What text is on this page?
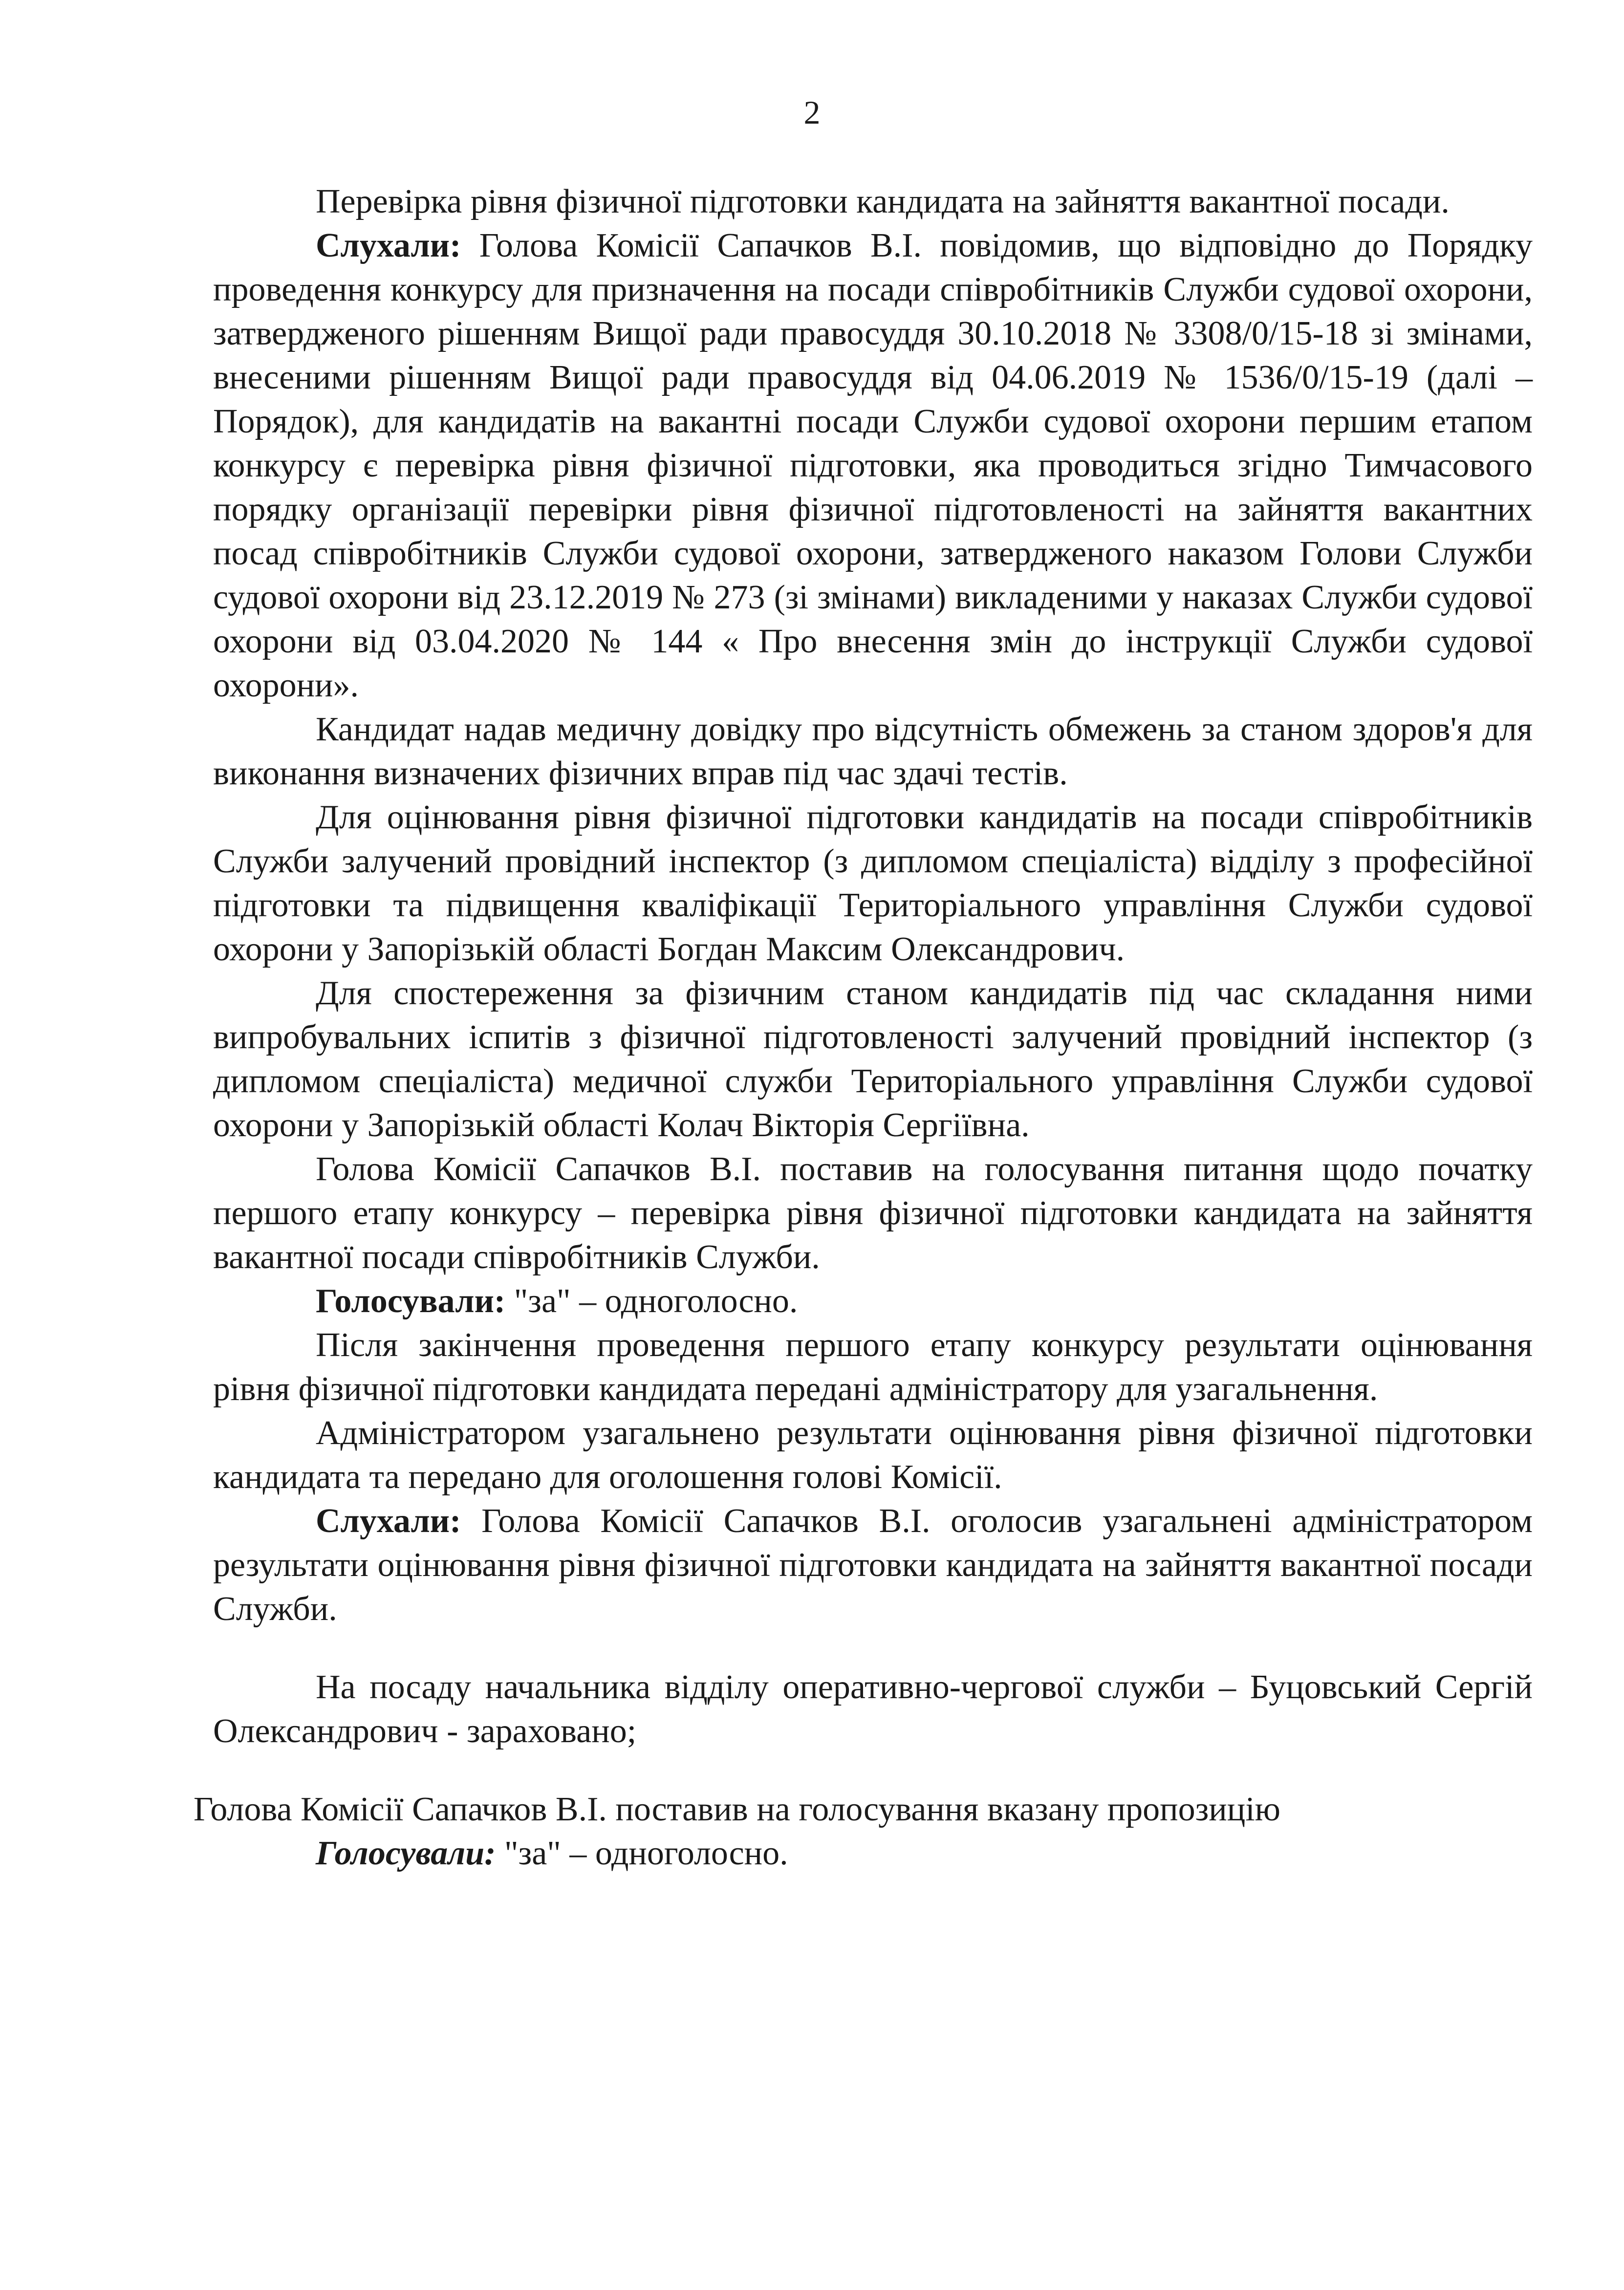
2

Перевірка рівня фізичної підготовки кандидата на зайняття вакантної посади.

Слухали: Голова Комісії Сапачков В.І. повідомив, що відповідно до Порядку проведення конкурсу для призначення на посади співробітників Служби судової охорони, затвердженого рішенням Вищої ради правосуддя 30.10.2018 № 3308/0/15-18 зі змінами, внесеними рішенням Вищої ради правосуддя від 04.06.2019 № 1536/0/15-19 (далі – Порядок), для кандидатів на вакантні посади Служби судової охорони першим етапом конкурсу є перевірка рівня фізичної підготовки, яка проводиться згідно Тимчасового порядку організації перевірки рівня фізичної підготовленості на зайняття вакантних посад співробітників Служби судової охорони, затвердженого наказом Голови Служби судової охорони від 23.12.2019 № 273 (зі змінами) викладеними у наказах Служби судової охорони від 03.04.2020 № 144 « Про внесення змін до інструкції Служби судової охорони».

Кандидат надав медичну довідку про відсутність обмежень за станом здоров'я для виконання визначених фізичних вправ під час здачі тестів.

Для оцінювання рівня фізичної підготовки кандидатів на посади співробітників Служби залучений провідний інспектор (з дипломом спеціаліста) відділу з професійної підготовки та підвищення кваліфікації Територіального управління Служби судової охорони у Запорізькій області Богдан Максим Олександрович.

Для спостереження за фізичним станом кандидатів під час складання ними випробувальних іспитів з фізичної підготовленості залучений провідний інспектор (з дипломом спеціаліста) медичної служби Територіального управління Служби судової охорони у Запорізькій області Колач Вікторія Сергіївна.

Голова Комісії Сапачков В.І. поставив на голосування питання щодо початку першого етапу конкурсу – перевірка рівня фізичної підготовки кандидата на зайняття вакантної посади співробітників Служби.

Голосували: "за" – одноголосно.

Після закінчення проведення першого етапу конкурсу результати оцінювання рівня фізичної підготовки кандидата передані адміністратору для узагальнення.

Адміністратором узагальнено результати оцінювання рівня фізичної підготовки кандидата та передано для оголошення голові Комісії.

Слухали: Голова Комісії Сапачков В.І. оголосив узагальнені адміністратором результати оцінювання рівня фізичної підготовки кандидата на зайняття вакантної посади Служби.

На посаду начальника відділу оперативно-чергової служби – Буцовський Сергій Олександрович - зараховано;

Голова Комісії Сапачков В.І. поставив на голосування вказану пропозицію

Голосували: "за" – одноголосно.
